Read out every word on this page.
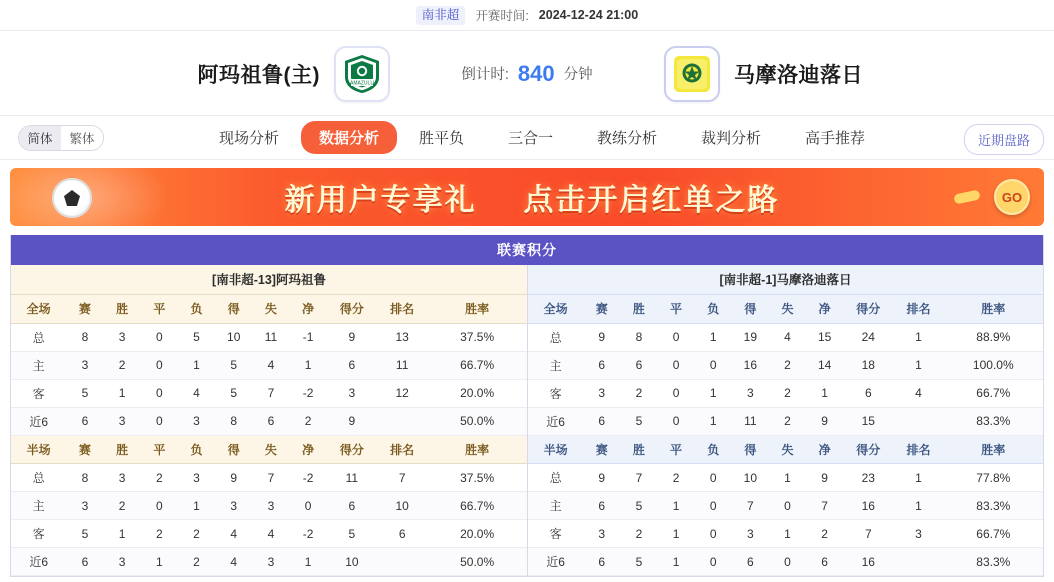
南非超	开赛时间: 2024-12-24 21:00
阿玛祖鲁(主)	AMAZULU
倒计时: 840 分钟	马摩洛迪落日
简体	繁体	现场分析	数据分析	胜平负	三合一	教练分析	裁判分析	高手推荐	近期盘路
新用户专享礼 点击开启红单之路	GO
联赛积分
[南非超-13]阿玛祖鲁
全场	赛	胜	平	负	得	失	净	得分	排名	胜率
总	8	3	0	5	10	11	-1	9	13	37.5%
主	3	2	0	1	5	4	1	6	11	66.7%
客	5	1	0	4	5	7	-2	3	12	20.0%
近6	6	3	0	3	8	6	2	9		50.0%
半场	赛	胜	平	负	得	失	净	得分	排名	胜率
总	8	3	2	3	9	7	-2	11	7	37.5%
主	3	2	0	1	3	3	0	6	10	66.7%
客	5	1	2	2	4	4	-2	5	6	20.0%
近6	6	3	1	2	4	3	1	10		50.0%
[南非超-1]马摩洛迪落日
全场	赛	胜	平	负	得	失	净	得分	排名	胜率
总	9	8	0	1	19	4	15	24	1	88.9%
主	6	6	0	0	16	2	14	18	1	100.0%
客	3	2	0	1	3	2	1	6	4	66.7%
近6	6	5	0	1	11	2	9	15		83.3%
半场	赛	胜	平	负	得	失	净	得分	排名	胜率
总	9	7	2	0	10	1	9	23	1	77.8%
主	6	5	1	0	7	0	7	16	1	83.3%
客	3	2	1	0	3	1	2	7	3	66.7%
近6	6	5	1	0	6	0	6	16		83.3%
